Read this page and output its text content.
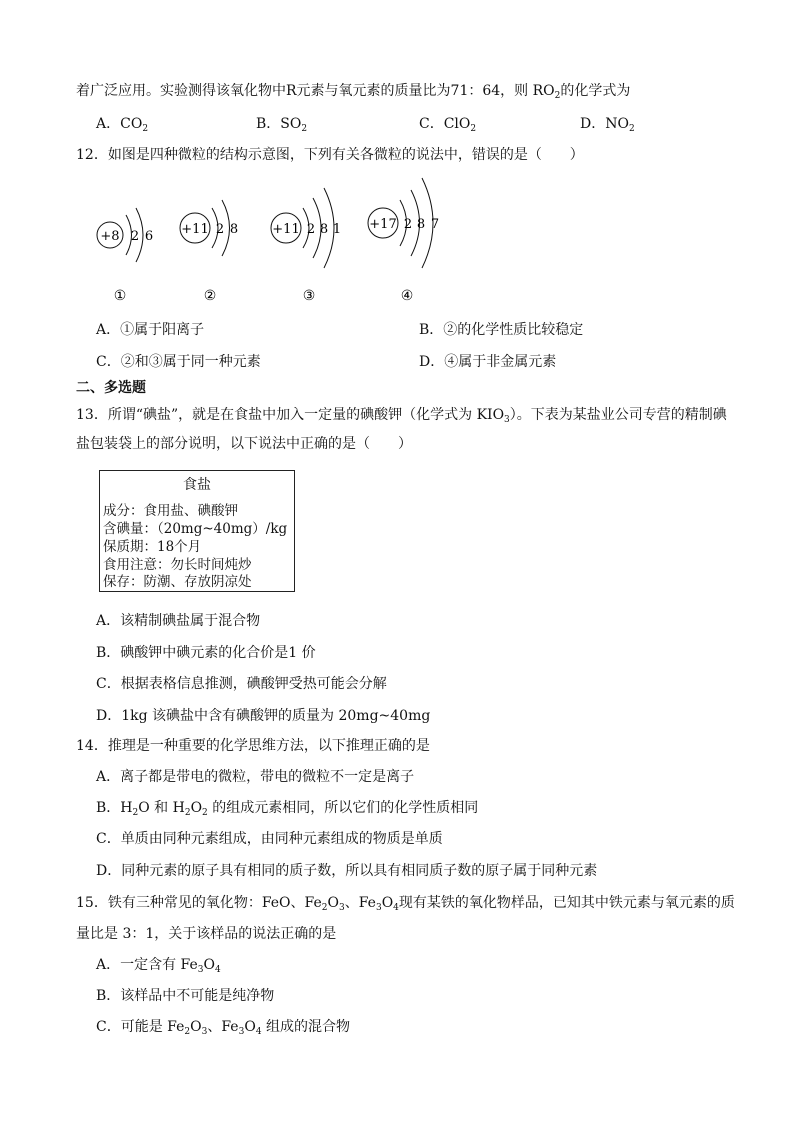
着广泛应用。实验测得该氧化物中R元素与氧元素的质量比为71：64，则 $RO_2$的化学式为
A．$CO_2$	B．$SO_2$	C．ClO$_2$	D．$NO_2$
12．如图是四种微粒的结构示意图，下列有关各微粒的说法中，错误的是（　　）
+8 2 6
①
+11 2 8
②
+11 2 8 1
③
+17 2 8 7
④
A．①属于阳离子	B．②的化学性质比较稳定
C．②和③属于同一种元素	D．④属于非金属元素
二、多选题
13．所谓“碘盐”，就是在食盐中加入一定量的碘酸钾（化学式为 $KIO_3$）。下表为某盐业公司专营的精制碘
盐包装袋上的部分说明，以下说法中正确的是（　　）
食盐
成分：食用盐、碘酸钾
含碘量：（20mg~40mg）/kg
保质期：18个月
食用注意：勿长时间炖炒
保存：防潮、存放阴凉处
A．该精制碘盐属于混合物
B．碘酸钾中碘元素的化合价是1 价
C．根据表格信息推测，碘酸钾受热可能会分解
D．1kg 该碘盐中含有碘酸钾的质量为 20mg~40mg
14．推理是一种重要的化学思维方法，以下推理正确的是
A．离子都是带电的微粒，带电的微粒不一定是离子
B．$H_2O$ 和 $H_2O_2$ 的组成元素相同，所以它们的化学性质相同
C．单质由同种元素组成，由同种元素组成的物质是单质
D．同种元素的原子具有相同的质子数，所以具有相同质子数的原子属于同种元素
15．铁有三种常见的氧化物：FeO、$Fe_2O_3$、$Fe_3O_4$现有某铁的氧化物样品，已知其中铁元素与氧元素的质
量比是 3：1，关于该样品的说法正确的是
A．一定含有 $Fe_3O_4$
B．该样品中不可能是纯净物
C．可能是 $Fe_2O_3$、$Fe_3O_4$ 组成的混合物
